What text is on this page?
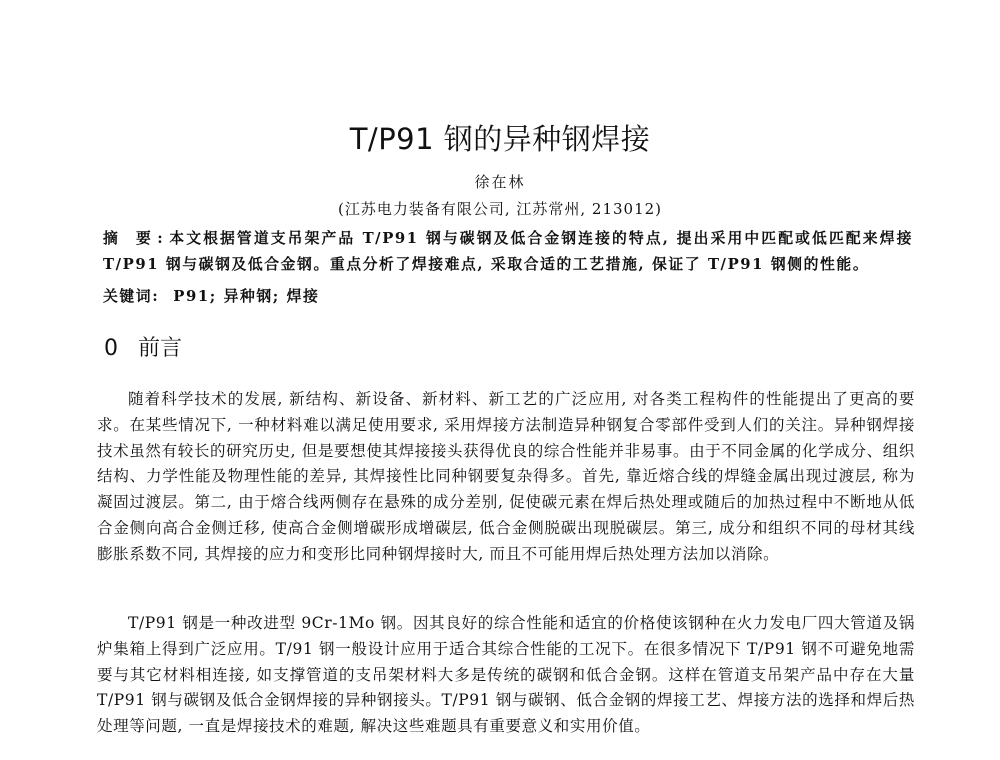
T/P91 钢的异种钢焊接
徐在林
(江苏电力装备有限公司, 江苏常州, 213012)
摘 要:本文根据管道支吊架产品 T/P91 钢与碳钢及低合金钢连接的特点, 提出采用中匹配或低匹配来焊接 T/P91 钢与碳钢及低合金钢。重点分析了焊接难点, 采取合适的工艺措施, 保证了 T/P91 钢侧的性能。
关键词: P91; 异种钢; 焊接
0 前言

随着科学技术的发展, 新结构、新设备、新材料、新工艺的广泛应用, 对各类工程构件的性能提出了更高的要求。在某些情况下, 一种材料难以满足使用要求, 采用焊接方法制造异种钢复合零部件受到人们的关注。异种钢焊接技术虽然有较长的研究历史, 但是要想使其焊接接头获得优良的综合性能并非易事。由于不同金属的化学成分、组织结构、力学性能及物理性能的差异, 其焊接性比同种钢要复杂得多。首先, 靠近熔合线的焊缝金属出现过渡层, 称为凝固过渡层。第二, 由于熔合线两侧存在悬殊的成分差别, 促使碳元素在焊后热处理或随后的加热过程中不断地从低合金侧向高合金侧迁移, 使高合金侧增碳形成增碳层, 低合金侧脱碳出现脱碳层。第三, 成分和组织不同的母材其线膨胀系数不同, 其焊接的应力和变形比同种钢焊接时大, 而且不可能用焊后热处理方法加以消除。

T/P91 钢是一种改进型 9Cr-1Mo 钢。因其良好的综合性能和适宜的价格使该钢种在火力发电厂四大管道及锅炉集箱上得到广泛应用。T/91 钢一般设计应用于适合其综合性能的工况下。在很多情况下 T/P91 钢不可避免地需要与其它材料相连接, 如支撑管道的支吊架材料大多是传统的碳钢和低合金钢。这样在管道支吊架产品中存在大量 T/P91 钢与碳钢及低合金钢焊接的异种钢接头。T/P91 钢与碳钢、低合金钢的焊接工艺、焊接方法的选择和焊后热处理等问题, 一直是焊接技术的难题, 解决这些难题具有重要意义和实用价值。
